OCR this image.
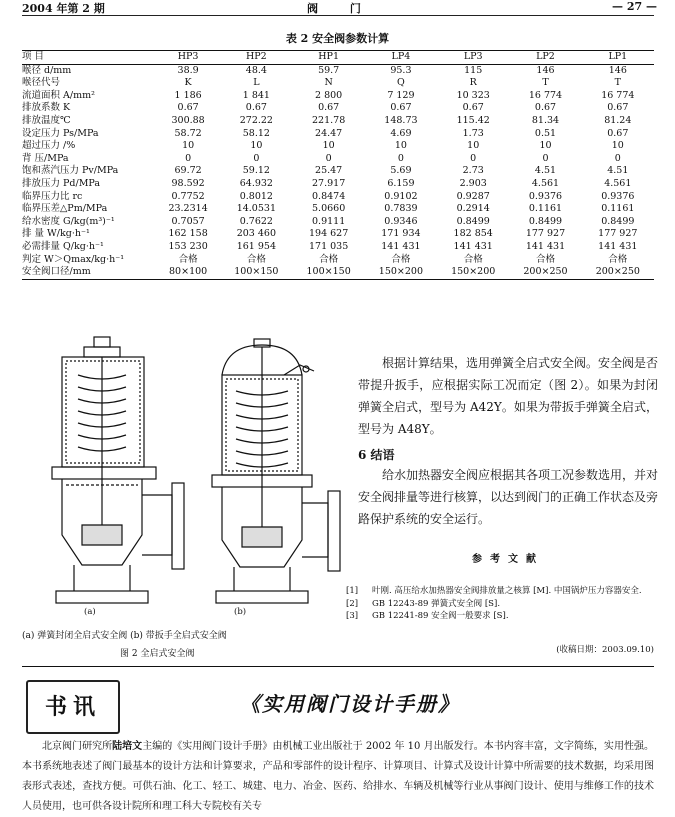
2004 年第 2 期	阀 门	— 27 —
表 2 安全阀参数计算
项 目	HP3	HP2	HP1	LP4	LP3	LP2	LP1
喉径 d/mm	38.9	48.4	59.7	95.3	115	146	146
喉径代号	K	L	N	Q	R	T	T
流道面积 A/mm²	1 186	1 841	2 800	7 129	10 323	16 774	16 774
排放系数 K	0.67	0.67	0.67	0.67	0.67	0.67	0.67
排放温度℃	300.88	272.22	221.78	148.73	115.42	81.34	81.24
设定压力 Ps/MPa	58.72	58.12	24.47	4.69	1.73	0.51	0.67
超过压力 /%	10	10	10	10	10	10	10
背 压/MPa	0	0	0	0	0	0	0
饱和蒸汽压力 Pv/MPa	69.72	59.12	25.47	5.69	2.73	4.51	4.51
排放压力 Pd/MPa	98.592	64.932	27.917	6.159	2.903	4.561	4.561
临界压力比 rc	0.7752	0.8012	0.8474	0.9102	0.9287	0.9376	0.9376
临界压差△Pm/MPa	23.2314	14.0531	5.0660	0.7839	0.2914	0.1161	0.1161
给水密度 G/kg(m³)⁻¹	0.7057	0.7622	0.9111	0.9346	0.8499	0.8499	0.8499
排 量 W/kg·h⁻¹	162 158	203 460	194 627	171 934	182 854	177 927	177 927
必需排量 Q/kg·h⁻¹	153 230	161 954	171 035	141 431	141 431	141 431	141 431
判定 W＞Qmax/kg·h⁻¹	合格	合格	合格	合格	合格	合格	合格
安全阀口径/mm	80×100	100×150	100×150	150×200	150×200	200×250	200×250
(a)	(b)
(a) 弹簧封闭全启式安全阀 (b) 带扳手全启式安全阀
图 2 全启式安全阀

根据计算结果，选用弹簧全启式安全阀。安全阀是否带提升扳手，应根据实际工况而定（图 2）。如果为封闭弹簧全启式，型号为 A42Y。如果为带扳手弹簧全启式，型号为 A48Y。

6 结语

给水加热器安全阀应根据其各项工况参数选用，并对安全阀排量等进行核算，以达到阀门的正确工作状态及旁路保护系统的安全运行。

参考文献
[1]	叶刚. 高压给水加热器安全阀排放量之核算 [M]. 中国锅炉压力容器安全.
[2]	GB 12243-89 弹簧式安全阀 [S].
[3]	GB 12241-89 安全阀一般要求 [S].
(收稿日期：2003.09.10)
书讯	《实用阀门设计手册》
北京阀门研究所陆培文主编的《实用阀门设计手册》由机械工业出版社于 2002 年 10 月出版发行。本书内容丰富，文字简练，实用性强。本书系统地表述了阀门最基本的设计方法和计算要求，产品和零部件的设计程序、计算项目、计算式及设计计算中所需要的技术数据，均采用图表形式表述，查找方便。可供石油、化工、轻工、城建、电力、冶金、医药、给排水、车辆及机械等行业从事阀门设计、使用与维修工作的技术人员使用，也可供各设计院所和理工科大专院校有关专
